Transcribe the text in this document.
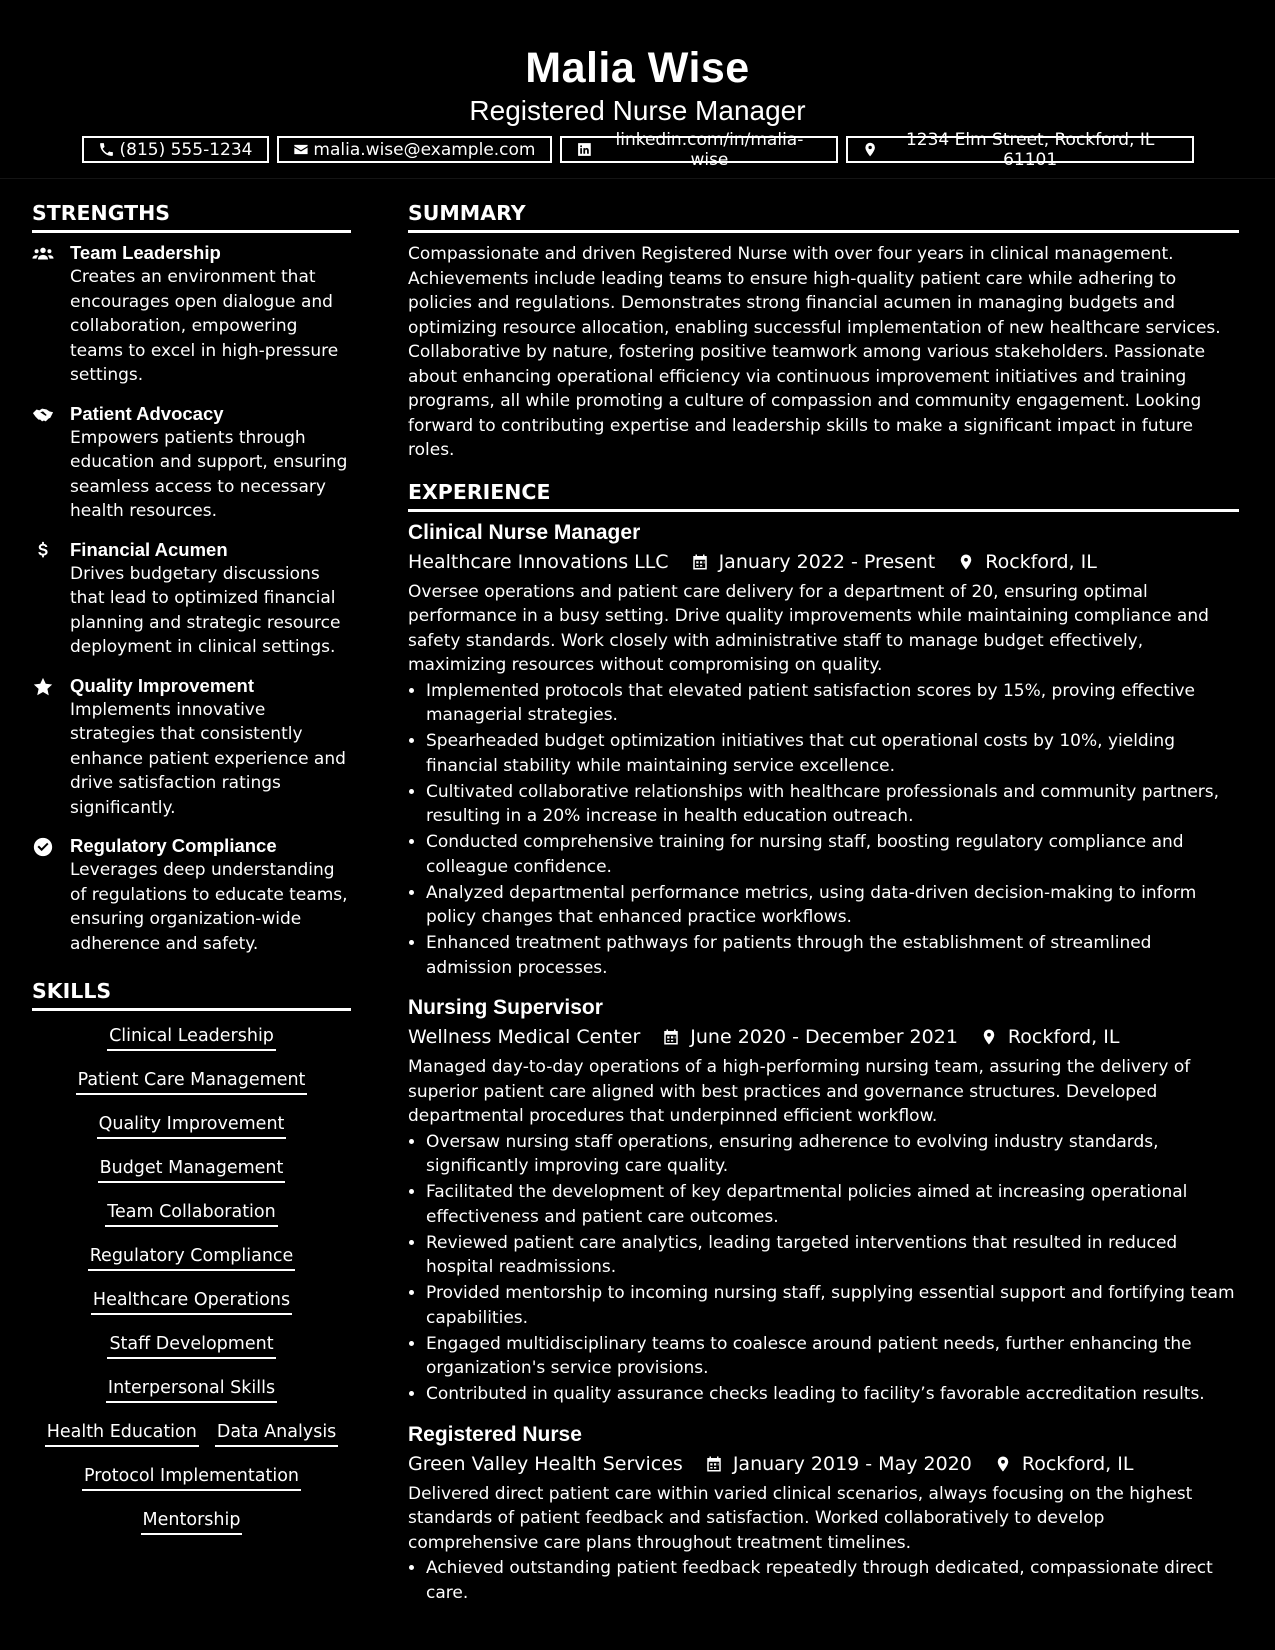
Malia Wise
Registered Nurse Manager
(815) 555-1234	malia.wise@example.com	linkedin.com/in/malia-wise
1234 Elm Street, Rockford, IL 61101
STRENGTHS
Team Leadership
Creates an environment that encourages open dialogue and collaboration, empowering teams to excel in high-pressure settings.
Patient Advocacy
Empowers patients through education and support, ensuring seamless access to necessary health resources.
Financial Acumen
Drives budgetary discussions that lead to optimized financial planning and strategic resource deployment in clinical settings.
Quality Improvement
Implements innovative strategies that consistently enhance patient experience and drive satisfaction ratings significantly.
Regulatory Compliance
Leverages deep understanding of regulations to educate teams, ensuring organization-wide adherence and safety.
SKILLS
Clinical Leadership
Patient Care Management
Quality Improvement
Budget Management
Team Collaboration
Regulatory Compliance
Healthcare Operations
Staff Development
Interpersonal Skills
Health Education Data Analysis
Protocol Implementation
Mentorship
SUMMARY
Compassionate and driven Registered Nurse with over four years in clinical management. Achievements include leading teams to ensure high-quality patient care while adhering to policies and regulations. Demonstrates strong financial acumen in managing budgets and optimizing resource allocation, enabling successful implementation of new healthcare services. Collaborative by nature, fostering positive teamwork among various stakeholders. Passionate about enhancing operational efficiency via continuous improvement initiatives and training programs, all while promoting a culture of compassion and community engagement. Looking forward to contributing expertise and leadership skills to make a significant impact in future roles.
EXPERIENCE
Clinical Nurse Manager
Healthcare Innovations LLC	January 2022 - Present	Rockford, IL
Oversee operations and patient care delivery for a department of 20, ensuring optimal performance in a busy setting. Drive quality improvements while maintaining compliance and safety standards. Work closely with administrative staff to manage budget effectively, maximizing resources without compromising on quality.
• Implemented protocols that elevated patient satisfaction scores by 15%, proving effective managerial strategies.
• Spearheaded budget optimization initiatives that cut operational costs by 10%, yielding financial stability while maintaining service excellence.
• Cultivated collaborative relationships with healthcare professionals and community partners, resulting in a 20% increase in health education outreach.
• Conducted comprehensive training for nursing staff, boosting regulatory compliance and colleague confidence.
• Analyzed departmental performance metrics, using data-driven decision-making to inform policy changes that enhanced practice workflows.
• Enhanced treatment pathways for patients through the establishment of streamlined admission processes.
Nursing Supervisor
Wellness Medical Center	June 2020 - December 2021	Rockford, IL
Managed day-to-day operations of a high-performing nursing team, assuring the delivery of superior patient care aligned with best practices and governance structures. Developed departmental procedures that underpinned efficient workflow.
• Oversaw nursing staff operations, ensuring adherence to evolving industry standards, significantly improving care quality.
• Facilitated the development of key departmental policies aimed at increasing operational effectiveness and patient care outcomes.
• Reviewed patient care analytics, leading targeted interventions that resulted in reduced hospital readmissions.
• Provided mentorship to incoming nursing staff, supplying essential support and fortifying team capabilities.
• Engaged multidisciplinary teams to coalesce around patient needs, further enhancing the organization's service provisions.
• Contributed in quality assurance checks leading to facility’s favorable accreditation results.
Registered Nurse
Green Valley Health Services	January 2019 - May 2020	Rockford, IL
Delivered direct patient care within varied clinical scenarios, always focusing on the highest standards of patient feedback and satisfaction. Worked collaboratively to develop comprehensive care plans throughout treatment timelines.
• Achieved outstanding patient feedback repeatedly through dedicated, compassionate direct care.
